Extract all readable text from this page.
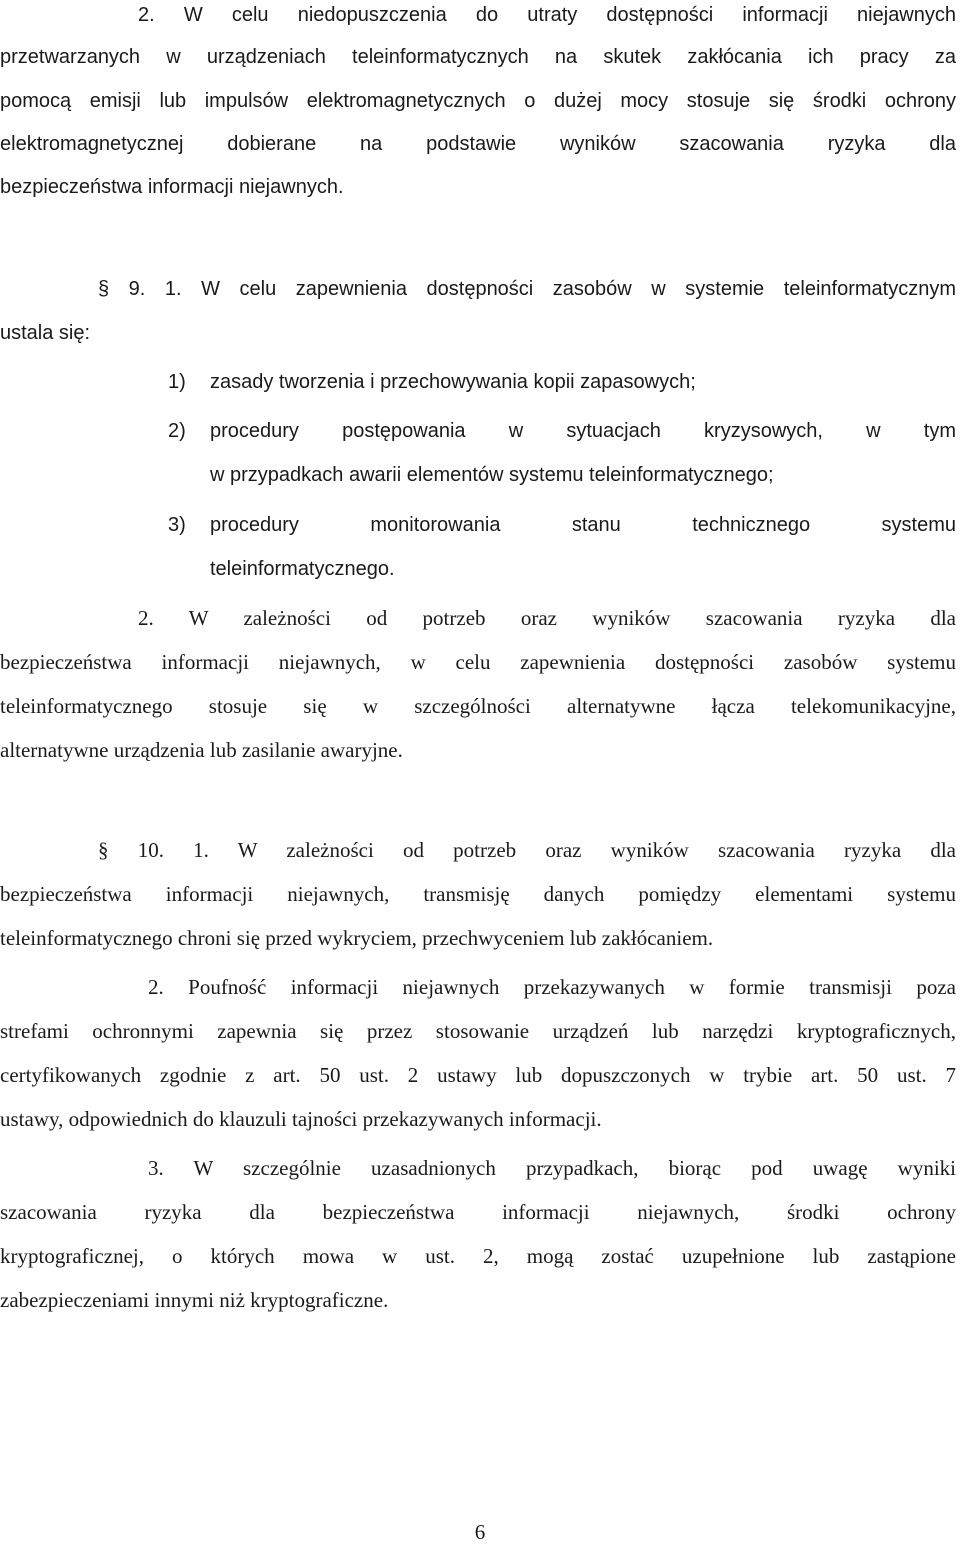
2. W celu niedopuszczenia do utraty dostępności informacji niejawnych

przetwarzanych w urządzeniach teleinformatycznych na skutek zakłócania ich pracy za

pomocą emisji lub impulsów elektromagnetycznych o dużej mocy stosuje się środki ochrony

elektromagnetycznej dobierane na podstawie wyników szacowania ryzyka dla

bezpieczeństwa informacji niejawnych.

§ 9. 1. W celu zapewnienia dostępności zasobów w systemie teleinformatycznym

ustala się:

1)	zasady tworzenia i przechowywania kopii zapasowych;

2)	procedury postępowania w sytuacjach kryzysowych, w tym

w przypadkach awarii elementów systemu teleinformatycznego;

3)	procedury monitorowania stanu technicznego systemu

teleinformatycznego.

2. W zależności od potrzeb oraz wyników szacowania ryzyka dla

bezpieczeństwa informacji niejawnych, w celu zapewnienia dostępności zasobów systemu

teleinformatycznego stosuje się w szczególności alternatywne łącza telekomunikacyjne,

alternatywne urządzenia lub zasilanie awaryjne.

§ 10. 1. W zależności od potrzeb oraz wyników szacowania ryzyka dla

bezpieczeństwa informacji niejawnych, transmisję danych pomiędzy elementami systemu

teleinformatycznego chroni się przed wykryciem, przechwyceniem lub zakłócaniem.

2. Poufność informacji niejawnych przekazywanych w formie transmisji poza

strefami ochronnymi zapewnia się przez stosowanie urządzeń lub narzędzi kryptograficznych,

certyfikowanych zgodnie z art. 50 ust. 2 ustawy lub dopuszczonych w trybie art. 50 ust. 7

ustawy, odpowiednich do klauzuli tajności przekazywanych informacji.

3. W szczególnie uzasadnionych przypadkach, biorąc pod uwagę wyniki

szacowania ryzyka dla bezpieczeństwa informacji niejawnych, środki ochrony

kryptograficznej, o których mowa w ust. 2, mogą zostać uzupełnione lub zastąpione

zabezpieczeniami innymi niż kryptograficzne.

6
